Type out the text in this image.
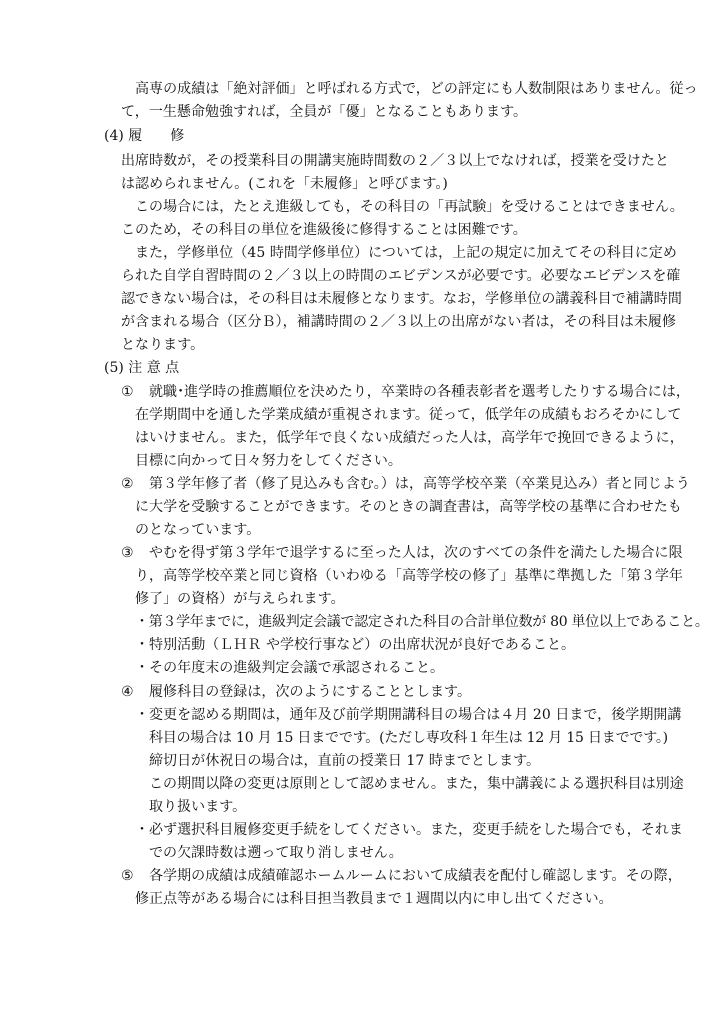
高専の成績は「絶対評価」と呼ばれる方式で，どの評定にも人数制限はありません。従っ
て，一生懸命勉強すれば，全員が「優」となることもあります。
(4) 履　　修
出席時数が，その授業科目の開講実施時間数の２／３以上でなければ，授業を受けたと
は認められません。(これを「未履修」と呼びます。)
この場合には，たとえ進級しても，その科目の「再試験」を受けることはできません。
このため，その科目の単位を進級後に修得することは困難です。
また，学修単位（45 時間学修単位）については，上記の規定に加えてその科目に定め
られた自学自習時間の２／３以上の時間のエビデンスが必要です。必要なエビデンスを確
認できない場合は，その科目は未履修となります。なお，学修単位の講義科目で補講時間
が含まれる場合（区分Ｂ），補講時間の２／３以上の出席がない者は，その科目は未履修
となります。
(5) 注 意 点
① 就職･進学時の推薦順位を決めたり，卒業時の各種表彰者を選考したりする場合には，
在学期間中を通した学業成績が重視されます。従って，低学年の成績もおろそかにして
はいけません。また，低学年で良くない成績だった人は，高学年で挽回できるように，
目標に向かって日々努力をしてください。
② 第３学年修了者（修了見込みも含む。）は，高等学校卒業（卒業見込み）者と同じよう
に大学を受験することができます。そのときの調査書は，高等学校の基準に合わせたも
のとなっています。
③ やむを得ず第３学年で退学するに至った人は，次のすべての条件を満たした場合に限
り，高等学校卒業と同じ資格（いわゆる「高等学校の修了」基準に準拠した「第３学年
修了」の資格）が与えられます。
・第３学年までに，進級判定会議で認定された科目の合計単位数が 80 単位以上であること。
・特別活動（ＬＨＲ や学校行事など）の出席状況が良好であること。
・その年度末の進級判定会議で承認されること。
④ 履修科目の登録は，次のようにすることとします。
・変更を認める期間は，通年及び前学期開講科目の場合は４月 20 日まで，後学期開講
科目の場合は 10 月 15 日までです。(ただし専攻科１年生は 12 月 15 日までです。)
締切日が休祝日の場合は，直前の授業日 17 時までとします。
この期間以降の変更は原則として認めません。また，集中講義による選択科目は別途
取り扱います。
・必ず選択科目履修変更手続をしてください。また，変更手続をした場合でも，それま
での欠課時数は遡って取り消しません。
⑤ 各学期の成績は成績確認ホームルームにおいて成績表を配付し確認します。その際，
修正点等がある場合には科目担当教員まで１週間以内に申し出てください。
